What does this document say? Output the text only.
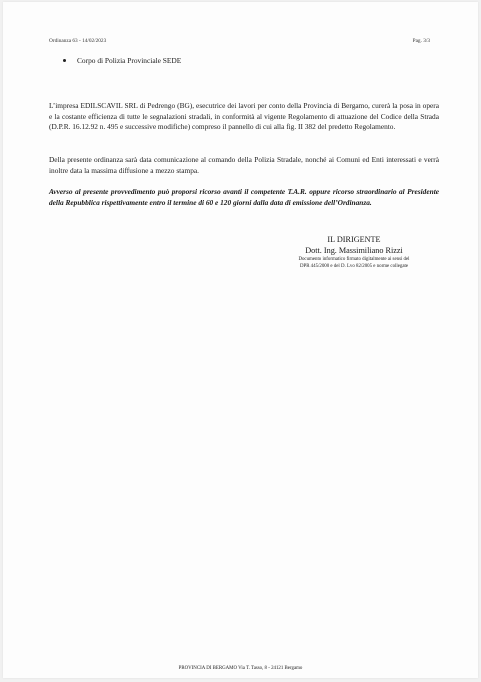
Ordinanza 63 - 14/02/2023	Pag. 3/3
Corpo di Polizia Provinciale SEDE

L’impresa EDILSCAVIL SRL di Pedrengo (BG), esecutrice dei lavori per conto della Provincia di Bergamo, curerà la posa in opera e la costante efficienza di tutte le segnalazioni stradali, in conformità al vigente Regolamento di attuazione del Codice della Strada (D.P.R. 16.12.92 n. 495 e successive modifiche) compreso il pannello di cui alla fig. II 382 del predetto Regolamento.

Della presente ordinanza sarà data comunicazione al comando della Polizia Stradale, nonché ai Comuni ed Enti interessati e verrà inoltre data la massima diffusione a mezzo stampa.

Avverso al presente provvedimento può proporsi ricorso avanti il competente T.A.R. oppure ricorso straordinario al Presidente della Repubblica rispettivamente entro il termine di 60 e 120 giorni dalla data di emissione dell’Ordinanza.

IL DIRIGENTE
Dott. Ing. Massimiliano Rizzi
Documento informatico firmato digitalmente ai sensi del
DPR 445/2000 e del D. Lvo 82/2005 e norme collegate
PROVINCIA DI BERGAMO Via T. Tasso, 8 - 24121 Bergamo
